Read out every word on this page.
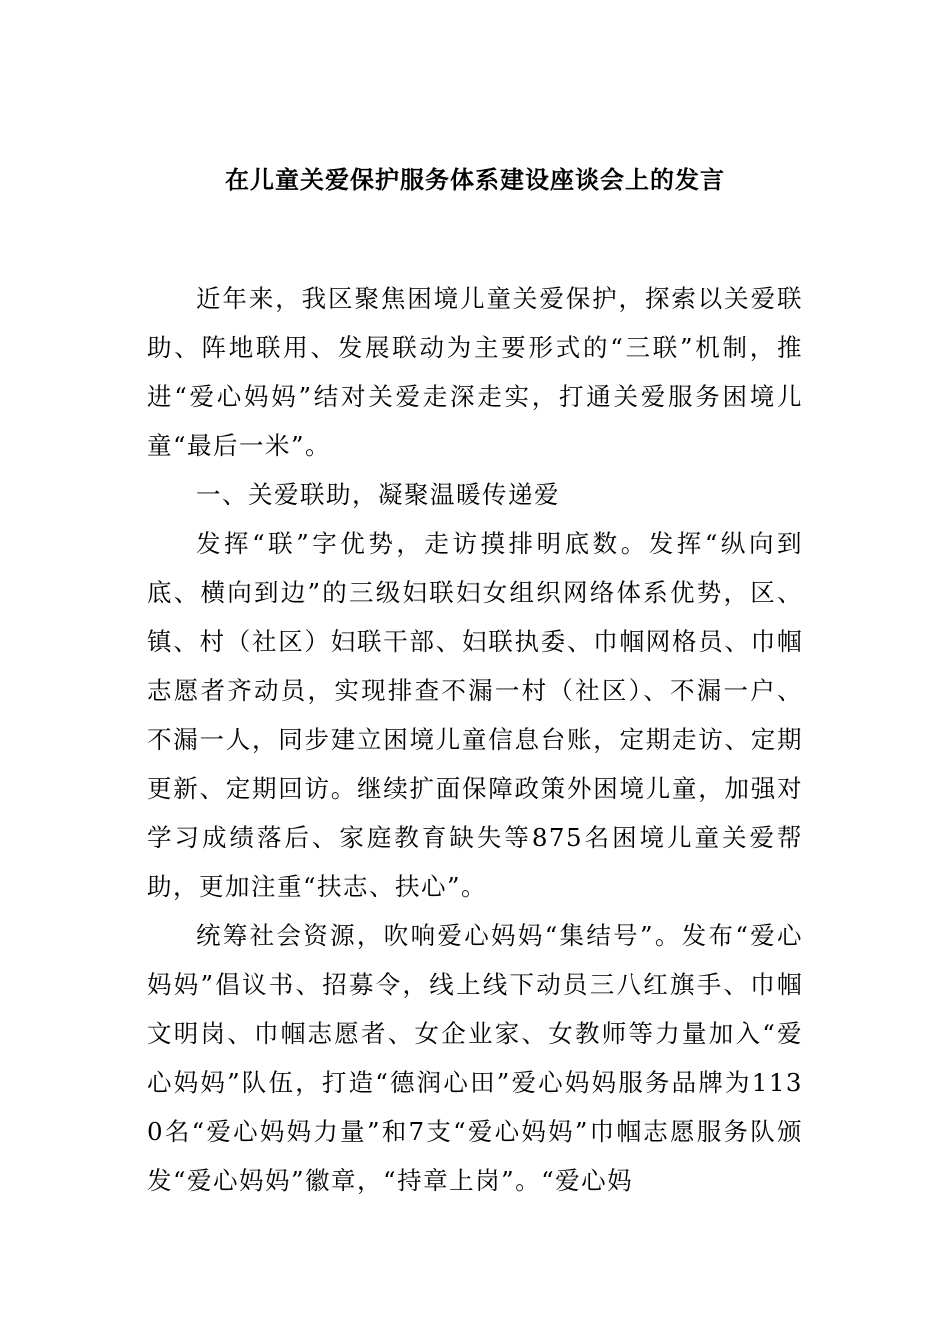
在儿童关爱保护服务体系建设座谈会上的发言

近年来，我区聚焦困境儿童关爱保护，探索以关爱联助、阵地联用、发展联动为主要形式的“三联”机制，推进“爱心妈妈”结对关爱走深走实，打通关爱服务困境儿童“最后一米”。

一、关爱联助，凝聚温暖传递爱

发挥“联”字优势，走访摸排明底数。发挥“纵向到底、横向到边”的三级妇联妇女组织网络体系优势，区、镇、村（社区）妇联干部、妇联执委、巾帼网格员、巾帼志愿者齐动员，实现排查不漏一村（社区）、不漏一户、不漏一人，同步建立困境儿童信息台账，定期走访、定期更新、定期回访。继续扩面保障政策外困境儿童，加强对学习成绩落后、家庭教育缺失等875名困境儿童关爱帮助，更加注重“扶志、扶心”。

统筹社会资源，吹响爱心妈妈“集结号”。发布“爱心妈妈”倡议书、招募令，线上线下动员三八红旗手、巾帼文明岗、巾帼志愿者、女企业家、女教师等力量加入“爱心妈妈”队伍，打造“德润心田”爱心妈妈服务品牌为1130名“爱心妈妈力量”和7支“爱心妈妈”巾帼志愿服务队颁发“爱心妈妈”徽章，“持章上岗”。“爱心妈
